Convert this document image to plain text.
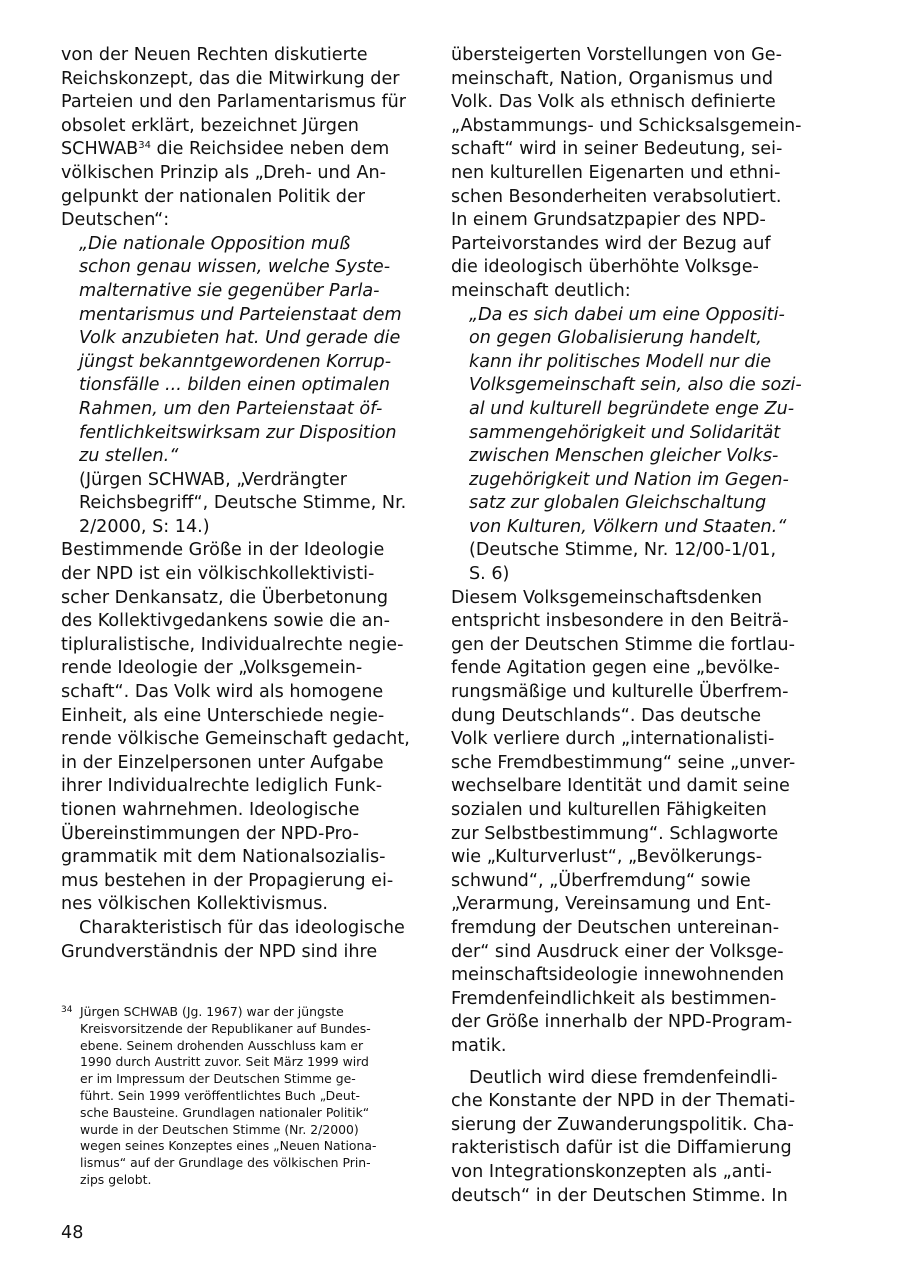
von der Neuen Rechten diskutierte
Reichskonzept, das die Mitwirkung der
Parteien und den Parlamentarismus für
obsolet erklärt, bezeichnet Jürgen
SCHWAB$^{34}$ die Reichsidee neben dem
völkischen Prinzip als „Dreh- und An-
gelpunkt der nationalen Politik der
Deutschen“:
„Die nationale Opposition muß
schon genau wissen, welche Syste-
malternative sie gegenüber Parla-
mentarismus und Parteienstaat dem
Volk anzubieten hat. Und gerade die
jüngst bekanntgewordenen Korrup-
tionsfälle ... bilden einen optimalen
Rahmen, um den Parteienstaat öf-
fentlichkeitswirksam zur Disposition
zu stellen.“
(Jürgen SCHWAB, „Verdrängter
Reichsbegriff“, Deutsche Stimme, Nr.
2/2000, S: 14.)
Bestimmende Größe in der Ideologie
der NPD ist ein völkischkollektivisti-
scher Denkansatz, die Überbetonung
des Kollektivgedankens sowie die an-
tipluralistische, Individualrechte negie-
rende Ideologie der „Volksgemein-
schaft“. Das Volk wird als homogene
Einheit, als eine Unterschiede negie-
rende völkische Gemeinschaft gedacht,
in der Einzelpersonen unter Aufgabe
ihrer Individualrechte lediglich Funk-
tionen wahrnehmen. Ideologische
Übereinstimmungen der NPD-Pro-
grammatik mit dem Nationalsozialis-
mus bestehen in der Propagierung ei-
nes völkischen Kollektivismus.
Charakteristisch für das ideologische
Grundverständnis der NPD sind ihre
übersteigerten Vorstellungen von Ge-
meinschaft, Nation, Organismus und
Volk. Das Volk als ethnisch definierte
„Abstammungs- und Schicksalsgemein-
schaft“ wird in seiner Bedeutung, sei-
nen kulturellen Eigenarten und ethni-
schen Besonderheiten verabsolutiert.
In einem Grundsatzpapier des NPD-
Parteivorstandes wird der Bezug auf
die ideologisch überhöhte Volksge-
meinschaft deutlich:
„Da es sich dabei um eine Oppositi-
on gegen Globalisierung handelt,
kann ihr politisches Modell nur die
Volksgemeinschaft sein, also die sozi-
al und kulturell begründete enge Zu-
sammengehörigkeit und Solidarität
zwischen Menschen gleicher Volks-
zugehörigkeit und Nation im Gegen-
satz zur globalen Gleichschaltung
von Kulturen, Völkern und Staaten.“
(Deutsche Stimme, Nr. 12/00-1/01,
S. 6)
Diesem Volksgemeinschaftsdenken
entspricht insbesondere in den Beiträ-
gen der Deutschen Stimme die fortlau-
fende Agitation gegen eine „bevölke-
rungsmäßige und kulturelle Überfrem-
dung Deutschlands“. Das deutsche
Volk verliere durch „internationalisti-
sche Fremdbestimmung“ seine „unver-
wechselbare Identität und damit seine
sozialen und kulturellen Fähigkeiten
zur Selbstbestimmung“. Schlagworte
wie „Kulturverlust“, „Bevölkerungs-
schwund“, „Überfremdung“ sowie
„Verarmung, Vereinsamung und Ent-
fremdung der Deutschen untereinan-
der“ sind Ausdruck einer der Volksge-
meinschaftsideologie innewohnenden
Fremdenfeindlichkeit als bestimmen-
der Größe innerhalb der NPD-Program-
matik.
Deutlich wird diese fremdenfeindli-
che Konstante der NPD in der Themati-
sierung der Zuwanderungspolitik. Cha-
rakteristisch dafür ist die Diffamierung
von Integrationskonzepten als „anti-
deutsch“ in der Deutschen Stimme. In
34 Jürgen SCHWAB (Jg. 1967) war der jüngste
Kreisvorsitzende der Republikaner auf Bundes-
ebene. Seinem drohenden Ausschluss kam er
1990 durch Austritt zuvor. Seit März 1999 wird
er im Impressum der Deutschen Stimme ge-
führt. Sein 1999 veröffentlichtes Buch „Deut-
sche Bausteine. Grundlagen nationaler Politik“
wurde in der Deutschen Stimme (Nr. 2/2000)
wegen seines Konzeptes eines „Neuen Nationa-
lismus“ auf der Grundlage des völkischen Prin-
zips gelobt.
48
